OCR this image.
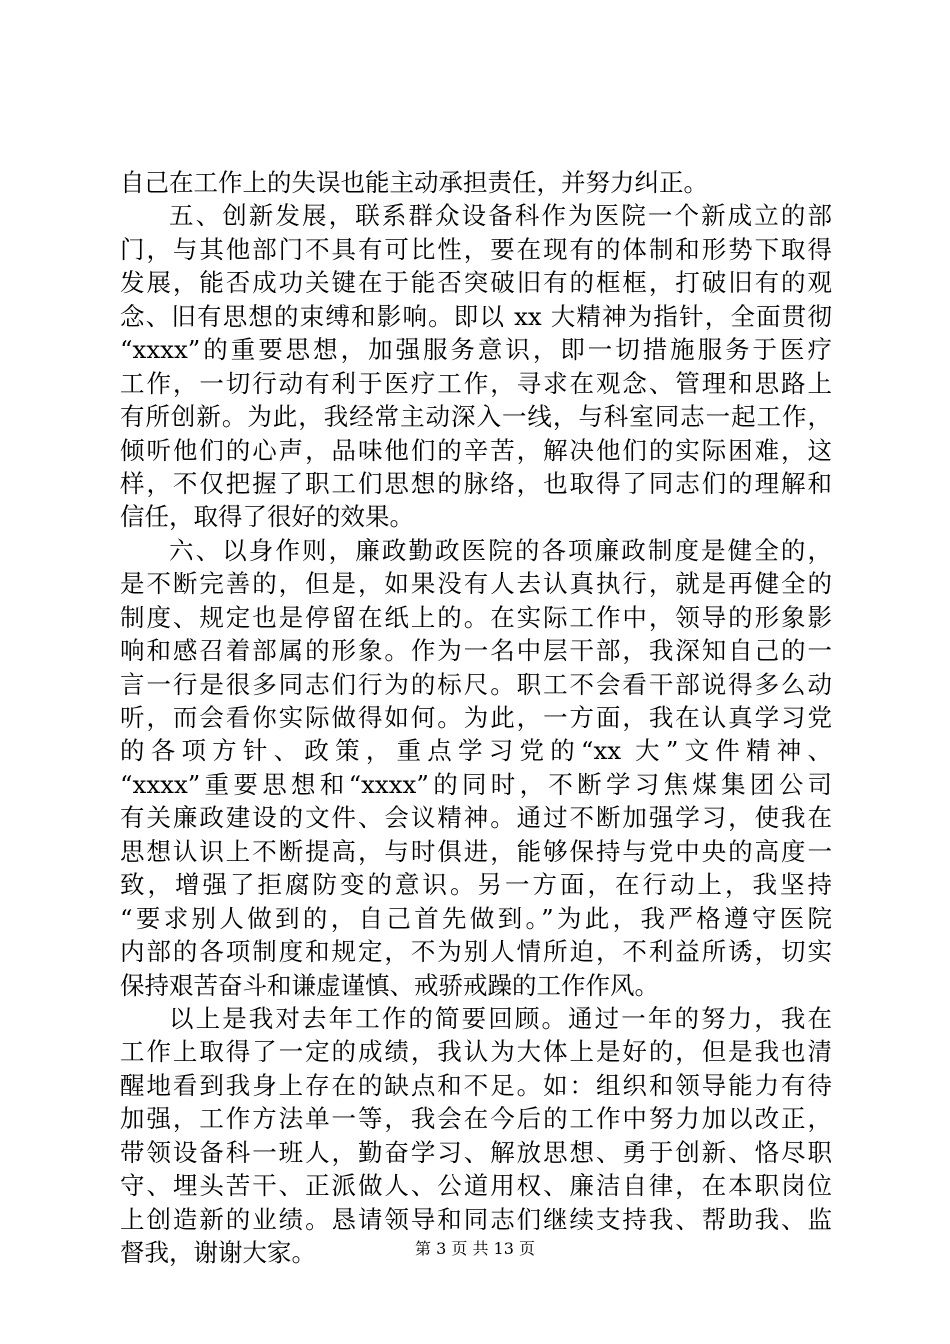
自己在工作上的失误也能主动承担责任，并努力纠正。
五、创新发展，联系群众设备科作为医院一个新成立的部
门，与其他部门不具有可比性，要在现有的体制和形势下取得
发展，能否成功关键在于能否突破旧有的框框，打破旧有的观
念、旧有思想的束缚和影响。即以 xx 大精神为指针，全面贯彻
“xxxx”的重要思想，加强服务意识，即一切措施服务于医疗
工作，一切行动有利于医疗工作，寻求在观念、管理和思路上
有所创新。为此，我经常主动深入一线，与科室同志一起工作，
倾听他们的心声，品味他们的辛苦，解决他们的实际困难，这
样，不仅把握了职工们思想的脉络，也取得了同志们的理解和
信任，取得了很好的效果。
六、以身作则，廉政勤政医院的各项廉政制度是健全的，
是不断完善的，但是，如果没有人去认真执行，就是再健全的
制度、规定也是停留在纸上的。在实际工作中，领导的形象影
响和感召着部属的形象。作为一名中层干部，我深知自己的一
言一行是很多同志们行为的标尺。职工不会看干部说得多么动
听，而会看你实际做得如何。为此，一方面，我在认真学习党
的各项方针、政策，重点学习党的“xx 大”文件精神、
“xxxx”重要思想和“xxxx”的同时，不断学习焦煤集团公司
有关廉政建设的文件、会议精神。通过不断加强学习，使我在
思想认识上不断提高，与时俱进，能够保持与党中央的高度一
致，增强了拒腐防变的意识。另一方面，在行动上，我坚持
“要求别人做到的，自己首先做到。”为此，我严格遵守医院
内部的各项制度和规定，不为别人情所迫，不利益所诱，切实
保持艰苦奋斗和谦虚谨慎、戒骄戒躁的工作作风。
以上是我对去年工作的简要回顾。通过一年的努力，我在
工作上取得了一定的成绩，我认为大体上是好的，但是我也清
醒地看到我身上存在的缺点和不足。如：组织和领导能力有待
加强，工作方法单一等，我会在今后的工作中努力加以改正，
带领设备科一班人，勤奋学习、解放思想、勇于创新、恪尽职
守、埋头苦干、正派做人、公道用权、廉洁自律，在本职岗位
上创造新的业绩。恳请领导和同志们继续支持我、帮助我、监
督我，谢谢大家。	第 3 页 共 13 页
